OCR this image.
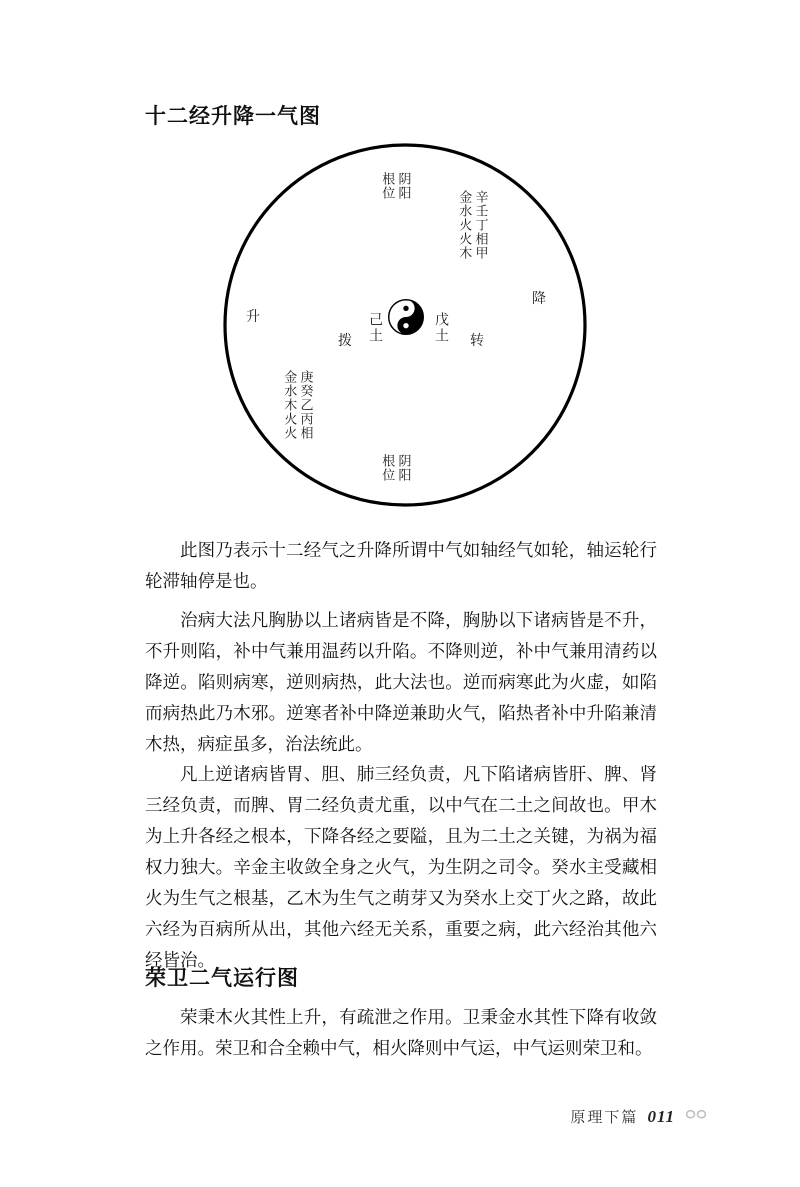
十二经升降一气图
阴阳
根位
辛壬丁相甲
金水火火木
庚癸乙丙相
金水木火火
阴阳
根位
升
降
拨	转
己土	戊土

此图乃表示十二经气之升降所谓中气如轴经气如轮，轴运轮行轮滞轴停是也。

治病大法凡胸胁以上诸病皆是不降，胸胁以下诸病皆是不升，不升则陷，补中气兼用温药以升陷。不降则逆，补中气兼用清药以降逆。陷则病寒，逆则病热，此大法也。逆而病寒此为火虚，如陷而病热此乃木邪。逆寒者补中降逆兼助火气，陷热者补中升陷兼清木热，病症虽多，治法统此。

凡上逆诸病皆胃、胆、肺三经负责，凡下陷诸病皆肝、脾、肾三经负责，而脾、胃二经负责尤重，以中气在二土之间故也。甲木为上升各经之根本，下降各经之要隘，且为二土之关键，为祸为福权力独大。辛金主收敛全身之火气，为生阴之司令。癸水主受藏相火为生气之根基，乙木为生气之萌芽又为癸水上交丁火之路，故此六经为百病所从出，其他六经无关系，重要之病，此六经治其他六经皆治。

荣卫二气运行图

荣秉木火其性上升，有疏泄之作用。卫秉金水其性下降有收敛之作用。荣卫和合全赖中气，相火降则中气运，中气运则荣卫和。

原理下篇 011
